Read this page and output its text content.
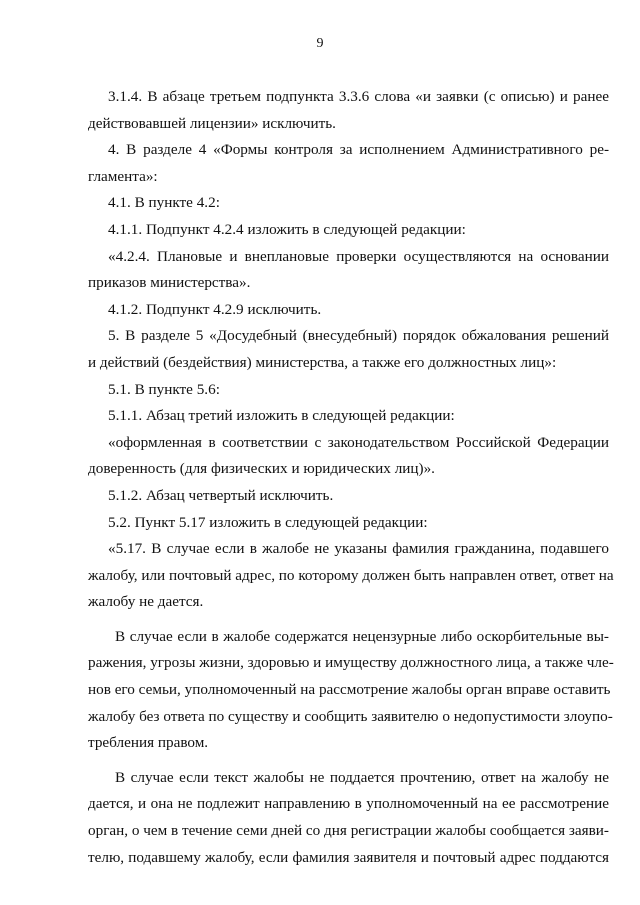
9
3.1.4. В абзаце третьем подпункта 3.3.6 слова «и заявки (с описью) и ранее
действовавшей лицензии» исключить.
4. В разделе 4 «Формы контроля за исполнением Административного ре-
гламента»:
4.1. В пункте 4.2:
4.1.1. Подпункт 4.2.4 изложить в следующей редакции:
«4.2.4. Плановые и внеплановые проверки осуществляются на основании
приказов министерства».
4.1.2. Подпункт 4.2.9 исключить.
5. В разделе 5 «Досудебный (внесудебный) порядок обжалования решений
и действий (бездействия) министерства, а также его должностных лиц»:
5.1. В пункте 5.6:
5.1.1. Абзац третий изложить в следующей редакции:
«оформленная в соответствии с законодательством Российской Федерации
доверенность (для физических и юридических лиц)».
5.1.2. Абзац четвертый исключить.
5.2. Пункт 5.17 изложить в следующей редакции:
«5.17. В случае если в жалобе не указаны фамилия гражданина, подавшего
жалобу, или почтовый адрес, по которому должен быть направлен ответ, ответ на
жалобу не дается.
В случае если в жалобе содержатся нецензурные либо оскорбительные вы-
ражения, угрозы жизни, здоровью и имуществу должностного лица, а также чле-
нов его семьи, уполномоченный на рассмотрение жалобы орган вправе оставить
жалобу без ответа по существу и сообщить заявителю о недопустимости злоупо-
требления правом.
В случае если текст жалобы не поддается прочтению, ответ на жалобу не
дается, и она не подлежит направлению в уполномоченный на ее рассмотрение
орган, о чем в течение семи дней со дня регистрации жалобы сообщается заяви-
телю, подавшему жалобу, если фамилия заявителя и почтовый адрес поддаются
